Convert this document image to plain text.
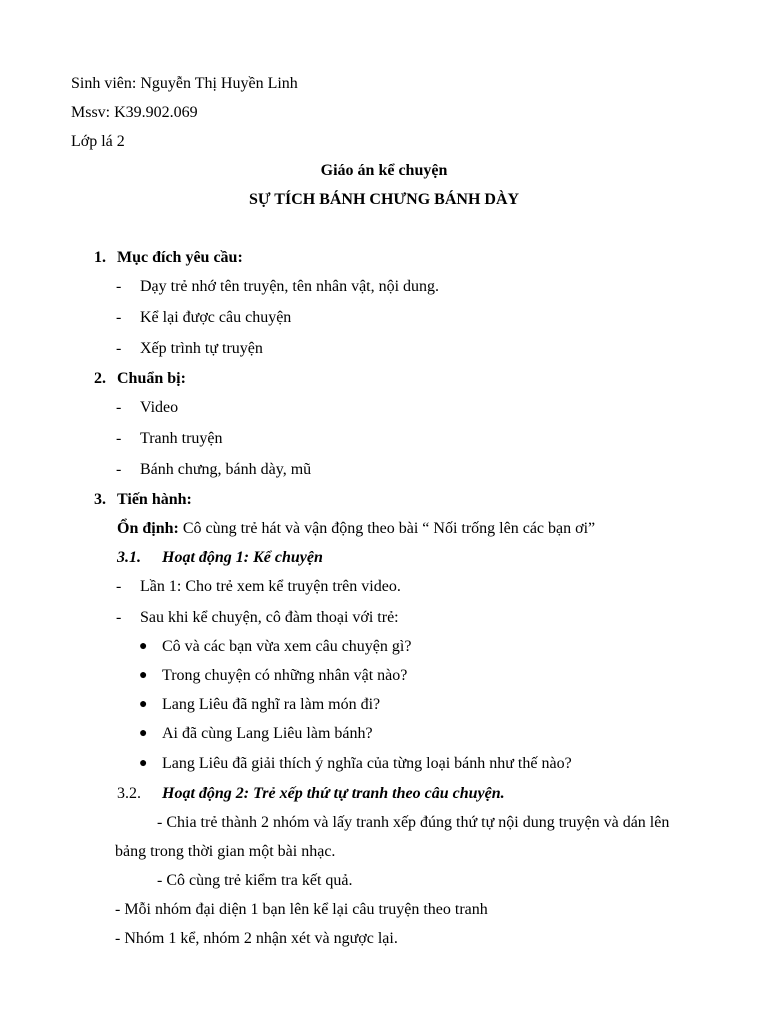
Sinh viên: Nguyễn Thị Huyền Linh
Mssv: K39.902.069
Lớp lá 2
Giáo án kể chuyện
SỰ TÍCH BÁNH CHƯNG BÁNH DÀY
1. Mục đích yêu cầu:
- Dạy trẻ nhớ tên truyện, tên nhân vật, nội dung.
- Kể lại được câu chuyện
- Xếp trình tự truyện
2. Chuẩn bị:
- Video
- Tranh truyện
- Bánh chưng, bánh dày, mũ
3. Tiến hành:
Ổn định: Cô cùng trẻ hát và vận động theo bài “ Nối trống lên các bạn ơi”
3.1. Hoạt động 1: Kể chuyện
- Lần 1: Cho trẻ xem kể truyện trên video.
- Sau khi kể chuyện, cô đàm thoại với trẻ:
● Cô và các bạn vừa xem câu chuyện gì?
● Trong chuyện có những nhân vật nào?
● Lang Liêu đã nghĩ ra làm món đi?
● Ai đã cùng Lang Liêu làm bánh?
● Lang Liêu đã giải thích ý nghĩa của từng loại bánh như thế nào?
3.2. Hoạt động 2: Trẻ xếp thứ tự tranh theo câu chuyện.
- Chia trẻ thành 2 nhóm và lấy tranh xếp đúng thứ tự nội dung truyện và dán lên
bảng trong thời gian một bài nhạc.
- Cô cùng trẻ kiểm tra kết quả.
- Mỗi nhóm đại diện 1 bạn lên kể lại câu truyện theo tranh
- Nhóm 1 kể, nhóm 2 nhận xét và ngược lại.
